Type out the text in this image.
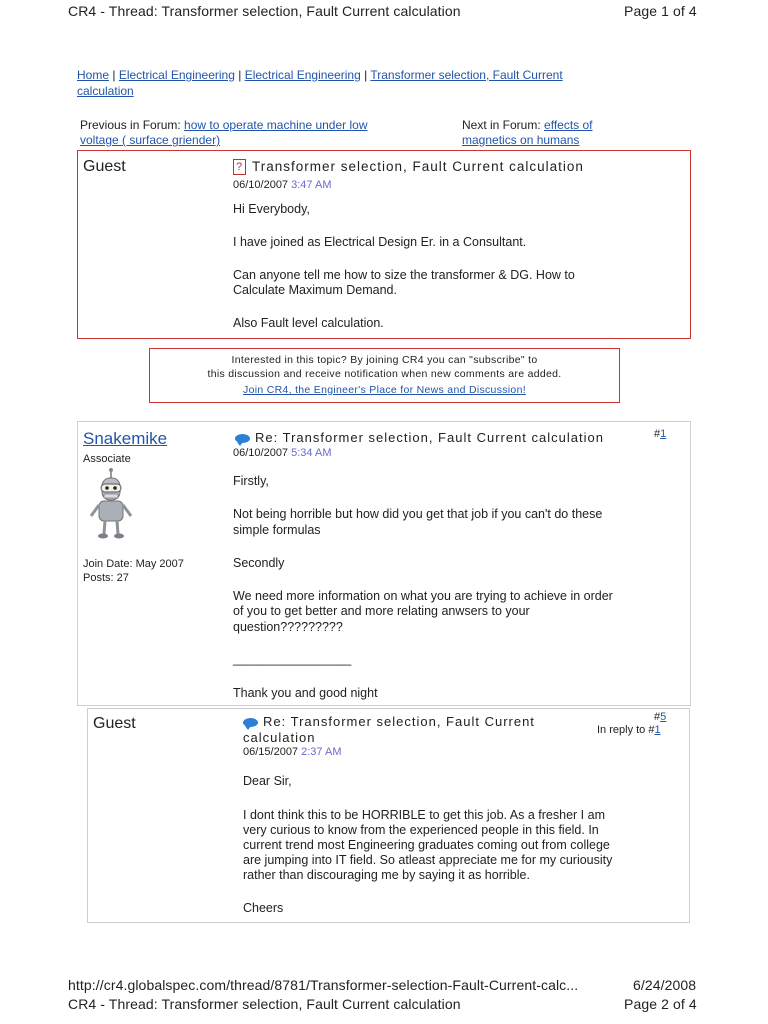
CR4 - Thread: Transformer selection, Fault Current calculation	Page 1 of 4
Home | Electrical Engineering | Electrical Engineering | Transformer selection, Fault Current
calculation
Previous in Forum: how to operate machine under low
voltage ( surface griender)
Next in Forum: effects of
magnetics on humans
Guest	? Transformer selection, Fault Current calculation
06/10/2007 3:47 AM
Hi Everybody,
I have joined as Electrical Design Er. in a Consultant.
Can anyone tell me how to size the transformer & DG. How to
Calculate Maximum Demand.
Also Fault level calculation.
Interested in this topic? By joining CR4 you can "subscribe" to
this discussion and receive notification when new comments are added.
Join CR4, the Engineer's Place for News and Discussion!
Snakemike
Associate
Join Date: May 2007
Posts: 27
Re: Transformer selection, Fault Current calculation	#1
06/10/2007 5:34 AM
Firstly,
Not being horrible but how did you get that job if you can't do these
simple formulas
Secondly
We need more information on what you are trying to achieve in order
of you to get better and more relating anwsers to your
question?????????
_________________
Thank you and good night
Guest	Re: Transformer selection, Fault Current
calculation
#5
In reply to #1
06/15/2007 2:37 AM
Dear Sir,
I dont think this to be HORRIBLE to get this job. As a fresher I am
very curious to know from the experienced people in this field. In
current trend most Engineering graduates coming out from college
are jumping into IT field. So atleast appreciate me for my curiousity
rather than discouraging me by saying it as horrible.
Cheers
http://cr4.globalspec.com/thread/8781/Transformer-selection-Fault-Current-calc...	6/24/2008
CR4 - Thread: Transformer selection, Fault Current calculation	Page 2 of 4
